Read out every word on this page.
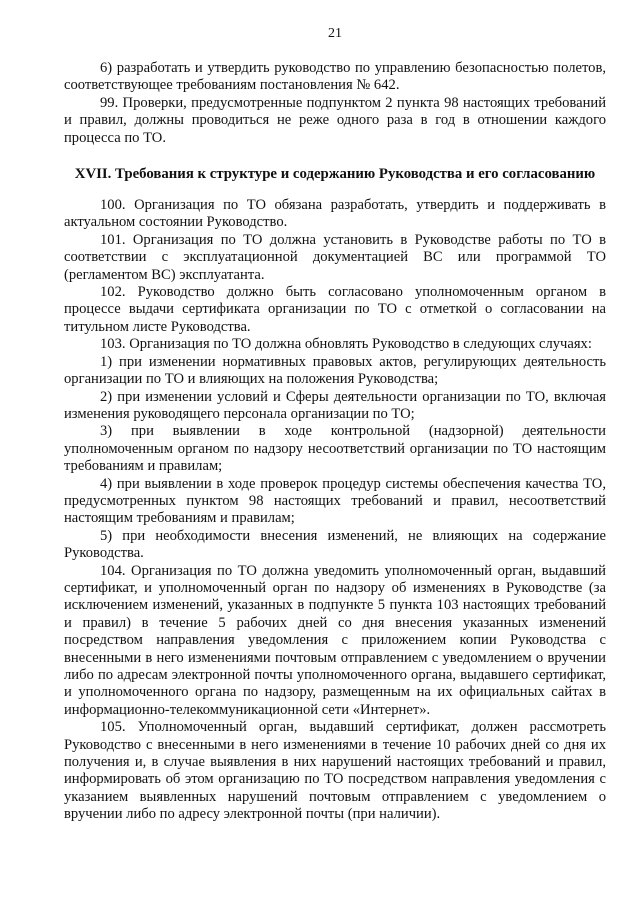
21

6) разработать и утвердить руководство по управлению безопасностью полетов, соответствующее требованиям постановления № 642.

99. Проверки, предусмотренные подпунктом 2 пункта 98 настоящих требований и правил, должны проводиться не реже одного раза в год в отношении каждого процесса по ТО.

XVII. Требования к структуре и содержанию Руководства и его согласованию

100. Организация по ТО обязана разработать, утвердить и поддерживать в актуальном состоянии Руководство.

101. Организация по ТО должна установить в Руководстве работы по ТО в соответствии с эксплуатационной документацией ВС или программой ТО (регламентом ВС) эксплуатанта.

102. Руководство должно быть согласовано уполномоченным органом в процессе выдачи сертификата организации по ТО с отметкой о согласовании на титульном листе Руководства.

103. Организация по ТО должна обновлять Руководство в следующих случаях:

1) при изменении нормативных правовых актов, регулирующих деятельность организации по ТО и влияющих на положения Руководства;

2) при изменении условий и Сферы деятельности организации по ТО, включая изменения руководящего персонала организации по ТО;

3) при выявлении в ходе контрольной (надзорной) деятельности уполномоченным органом по надзору несоответствий организации по ТО настоящим требованиям и правилам;

4) при выявлении в ходе проверок процедур системы обеспечения качества ТО, предусмотренных пунктом 98 настоящих требований и правил, несоответствий настоящим требованиям и правилам;

5) при необходимости внесения изменений, не влияющих на содержание Руководства.

104. Организация по ТО должна уведомить уполномоченный орган, выдавший сертификат, и уполномоченный орган по надзору об изменениях в Руководстве (за исключением изменений, указанных в подпункте 5 пункта 103 настоящих требований и правил) в течение 5 рабочих дней со дня внесения указанных изменений посредством направления уведомления с приложением копии Руководства с внесенными в него изменениями почтовым отправлением с уведомлением о вручении либо по адресам электронной почты уполномоченного органа, выдавшего сертификат, и уполномоченного органа по надзору, размещенным на их официальных сайтах в информационно-телекоммуникационной сети «Интернет».

105. Уполномоченный орган, выдавший сертификат, должен рассмотреть Руководство с внесенными в него изменениями в течение 10 рабочих дней со дня их получения и, в случае выявления в них нарушений настоящих требований и правил, информировать об этом организацию по ТО посредством направления уведомления с указанием выявленных нарушений почтовым отправлением с уведомлением о вручении либо по адресу электронной почты (при наличии).
